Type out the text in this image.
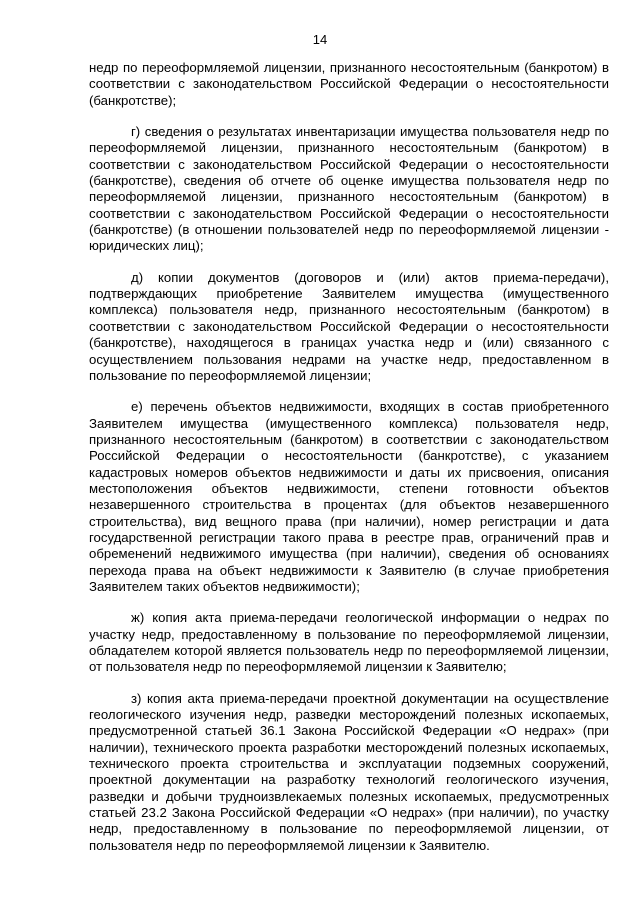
14

недр по переоформляемой лицензии, признанного несостоятельным (банкротом) в соответствии с законодательством Российской Федерации о несостоятельности (банкротстве);

г) сведения о результатах инвентаризации имущества пользователя недр по переоформляемой лицензии, признанного несостоятельным (банкротом) в соответствии с законодательством Российской Федерации о несостоятельности (банкротстве), сведения об отчете об оценке имущества пользователя недр по переоформляемой лицензии, признанного несостоятельным (банкротом) в соответствии с законодательством Российской Федерации о несостоятельности (банкротстве) (в отношении пользователей недр по переоформляемой лицензии - юридических лиц);

д) копии документов (договоров и (или) актов приема-передачи), подтверждающих приобретение Заявителем имущества (имущественного комплекса) пользователя недр, признанного несостоятельным (банкротом) в соответствии с законодательством Российской Федерации о несостоятельности (банкротстве), находящегося в границах участка недр и (или) связанного с осуществлением пользования недрами на участке недр, предоставленном в пользование по переоформляемой лицензии;

е) перечень объектов недвижимости, входящих в состав приобретенного Заявителем имущества (имущественного комплекса) пользователя недр, признанного несостоятельным (банкротом) в соответствии с законодательством Российской Федерации о несостоятельности (банкротстве), с указанием кадастровых номеров объектов недвижимости и даты их присвоения, описания местоположения объектов недвижимости, степени готовности объектов незавершенного строительства в процентах (для объектов незавершенного строительства), вид вещного права (при наличии), номер регистрации и дата государственной регистрации такого права в реестре прав, ограничений прав и обременений недвижимого имущества (при наличии), сведения об основаниях перехода права на объект недвижимости к Заявителю (в случае приобретения Заявителем таких объектов недвижимости);

ж) копия акта приема-передачи геологической информации о недрах по участку недр, предоставленному в пользование по переоформляемой лицензии, обладателем которой является пользователь недр по переоформляемой лицензии, от пользователя недр по переоформляемой лицензии к Заявителю;

з) копия акта приема-передачи проектной документации на осуществление геологического изучения недр, разведки месторождений полезных ископаемых, предусмотренной статьей 36.1 Закона Российской Федерации «О недрах» (при наличии), технического проекта разработки месторождений полезных ископаемых, технического проекта строительства и эксплуатации подземных сооружений, проектной документации на разработку технологий геологического изучения, разведки и добычи трудноизвлекаемых полезных ископаемых, предусмотренных статьей 23.2 Закона Российской Федерации «О недрах» (при наличии), по участку недр, предоставленному в пользование по переоформляемой лицензии, от пользователя недр по переоформляемой лицензии к Заявителю.
